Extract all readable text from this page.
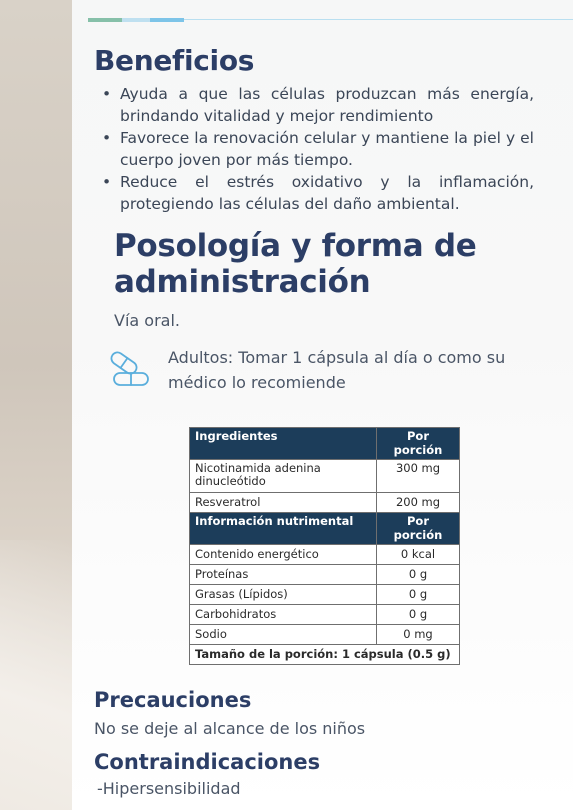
Beneficios
• Ayuda a que las células produzcan más energía, brindando vitalidad y mejor rendimiento
• Favorece la renovación celular y mantiene la piel y el cuerpo joven por más tiempo.
• Reduce el estrés oxidativo y la inflamación, protegiendo las células del daño ambiental.
Posología y forma de administración
Vía oral.
Adultos: Tomar 1 cápsula al día o como su médico lo recomiende
Ingredientes	Por porción
Nicotinamida adenina dinucleótido	300 mg
Resveratrol	200 mg
Información nutrimental	Por porción
Contenido energético	0 kcal
Proteínas	0 g
Grasas (Lípidos)	0 g
Carbohidratos	0 g
Sodio	0 mg
Tamaño de la porción: 1 cápsula (0.5 g)	
Precauciones
No se deje al alcance de los niños
Contraindicaciones
-Hipersensibilidad
